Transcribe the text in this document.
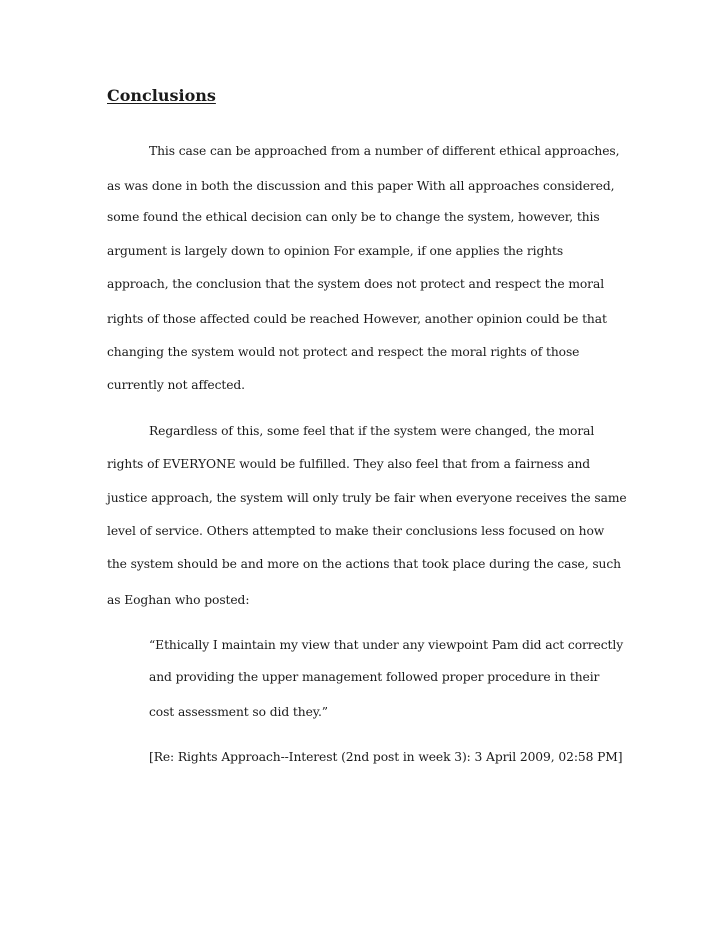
Conclusions

This case can be approached from a number of different ethical approaches,

as was done in both the discussion and this paper With all approaches considered,

some found the ethical decision can only be to change the system, however, this

argument is largely down to opinion For example, if one applies the rights

approach, the conclusion that the system does not protect and respect the moral

rights of those affected could be reached However, another opinion could be that

changing the system would not protect and respect the moral rights of those

currently not affected.

Regardless of this, some feel that if the system were changed, the moral

rights of EVERYONE would be fulfilled. They also feel that from a fairness and

justice approach, the system will only truly be fair when everyone receives the same

level of service. Others attempted to make their conclusions less focused on how

the system should be and more on the actions that took place during the case, such

as Eoghan who posted:

“Ethically I maintain my view that under any viewpoint Pam did act correctly

and providing the upper management followed proper procedure in their

cost assessment so did they.”

[Re: Rights Approach--Interest (2nd post in week 3): 3 April 2009, 02:58 PM]
